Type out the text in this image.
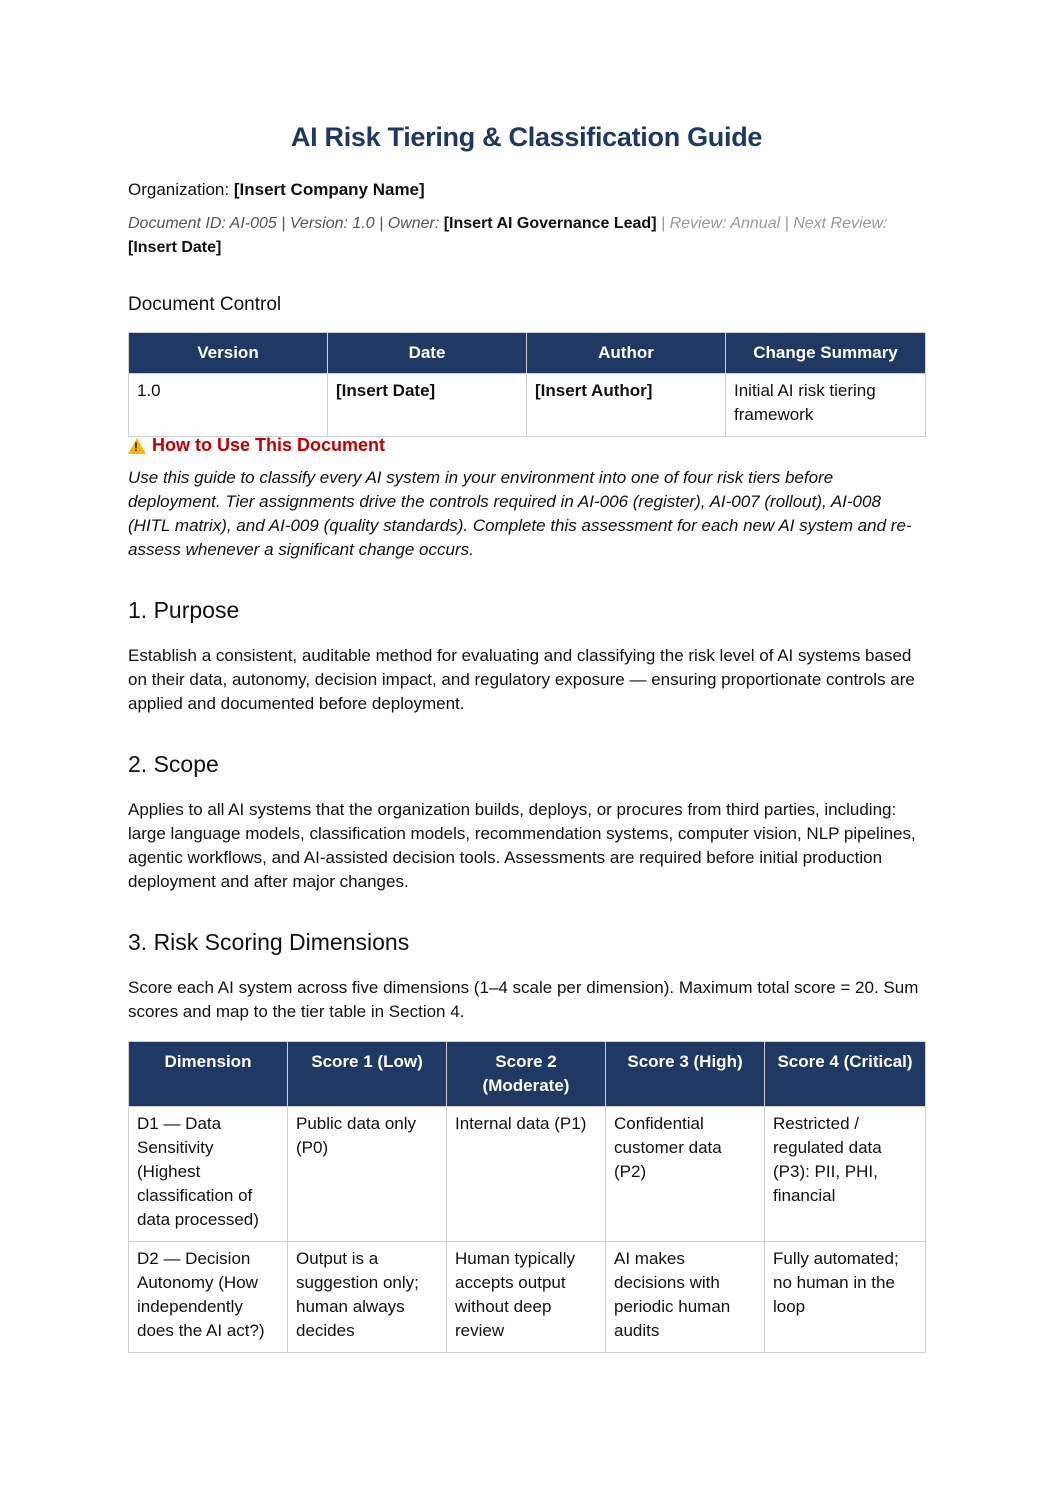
AI Risk Tiering & Classification Guide
Organization: [Insert Company Name]
Document ID: AI-005 | Version: 1.0 | Owner: [Insert AI Governance Lead] | Review: Annual | Next Review:
[Insert Date]
Document Control
Version	Date	Author	Change Summary
1.0	[Insert Date]	[Insert Author]	Initial AI risk tiering framework
!
How to Use This Document

Use this guide to classify every AI system in your environment into one of four risk tiers before deployment. Tier assignments drive the controls required in AI-006 (register), AI-007 (rollout), AI-008 (HITL matrix), and AI-009 (quality standards). Complete this assessment for each new AI system and re-assess whenever a significant change occurs.

1. Purpose

Establish a consistent, auditable method for evaluating and classifying the risk level of AI systems based on their data, autonomy, decision impact, and regulatory exposure — ensuring proportionate controls are applied and documented before deployment.

2. Scope

Applies to all AI systems that the organization builds, deploys, or procures from third parties, including: large language models, classification models, recommendation systems, computer vision, NLP pipelines, agentic workflows, and AI-assisted decision tools. Assessments are required before initial production deployment and after major changes.

3. Risk Scoring Dimensions

Score each AI system across five dimensions (1–4 scale per dimension). Maximum total score = 20. Sum scores and map to the tier table in Section 4.

Dimension	Score 1 (Low)	Score 2 (Moderate)	Score 3 (High)	Score 4 (Critical)
D1 — Data Sensitivity (Highest classification of data processed)	Public data only (P0)	Internal data (P1)	Confidential customer data (P2)	Restricted / regulated data (P3): PII, PHI, financial
D2 — Decision Autonomy (How independently does the AI act?)	Output is a suggestion only; human always decides	Human typically accepts output without deep review	AI makes decisions with periodic human audits	Fully automated; no human in the loop
